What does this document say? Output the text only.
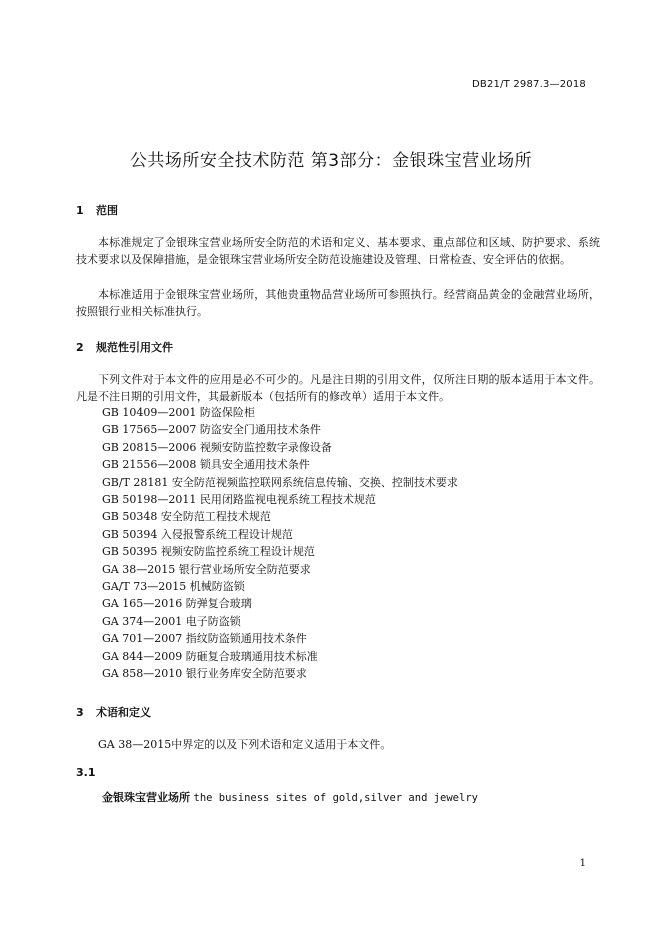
DB21/T 2987.3—2018
公共场所安全技术防范 第3部分：金银珠宝营业场所
1 范围
本标准规定了金银珠宝营业场所安全防范的术语和定义、基本要求、重点部位和区域、防护要求、系统技术要求以及保障措施，是金银珠宝营业场所安全防范设施建设及管理、日常检查、安全评估的依据。
本标准适用于金银珠宝营业场所，其他贵重物品营业场所可参照执行。经营商品黄金的金融营业场所，按照银行业相关标准执行。
2 规范性引用文件
下列文件对于本文件的应用是必不可少的。凡是注日期的引用文件，仅所注日期的版本适用于本文件。凡是不注日期的引用文件，其最新版本（包括所有的修改单）适用于本文件。
GB 10409—2001 防盗保险柜
GB 17565—2007 防盗安全门通用技术条件
GB 20815—2006 视频安防监控数字录像设备
GB 21556—2008 锁具安全通用技术条件
GB/T 28181 安全防范视频监控联网系统信息传输、交换、控制技术要求
GB 50198—2011 民用闭路监视电视系统工程技术规范
GB 50348 安全防范工程技术规范
GB 50394 入侵报警系统工程设计规范
GB 50395 视频安防监控系统工程设计规范
GA 38—2015 银行营业场所安全防范要求
GA/T 73—2015 机械防盗锁
GA 165—2016 防弹复合玻璃
GA 374—2001 电子防盗锁
GA 701—2007 指纹防盗锁通用技术条件
GA 844—2009 防砸复合玻璃通用技术标准
GA 858—2010 银行业务库安全防范要求
3 术语和定义
GA 38—2015中界定的以及下列术语和定义适用于本文件。
3.1
金银珠宝营业场所 the business sites of gold,silver and jewelry
1
